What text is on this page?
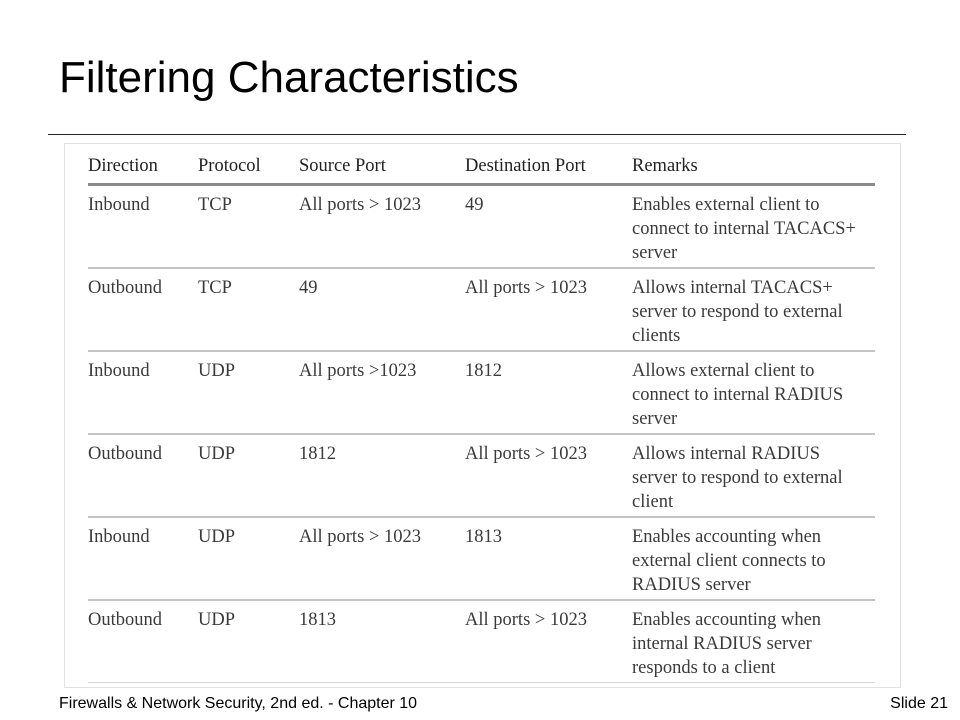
Filtering Characteristics
Direction	Protocol	Source Port	Destination Port	Remarks
Inbound	TCP	All ports > 1023	49	Enables external client to connect to internal TACACS+ server

Outbound	TCP	49	All ports > 1023	Allows internal TACACS+ server to respond to external clients

Inbound	UDP	All ports >1023	1812	Allows external client to connect to internal RADIUS server

Outbound	UDP	1812	All ports > 1023	Allows internal RADIUS server to respond to external client

Inbound	UDP	All ports > 1023	1813	Enables accounting when external client connects to RADIUS server

Outbound	UDP	1813	All ports > 1023	Enables accounting when internal RADIUS server responds to a client
Firewalls & Network Security, 2nd ed. - Chapter 10	Slide 21
